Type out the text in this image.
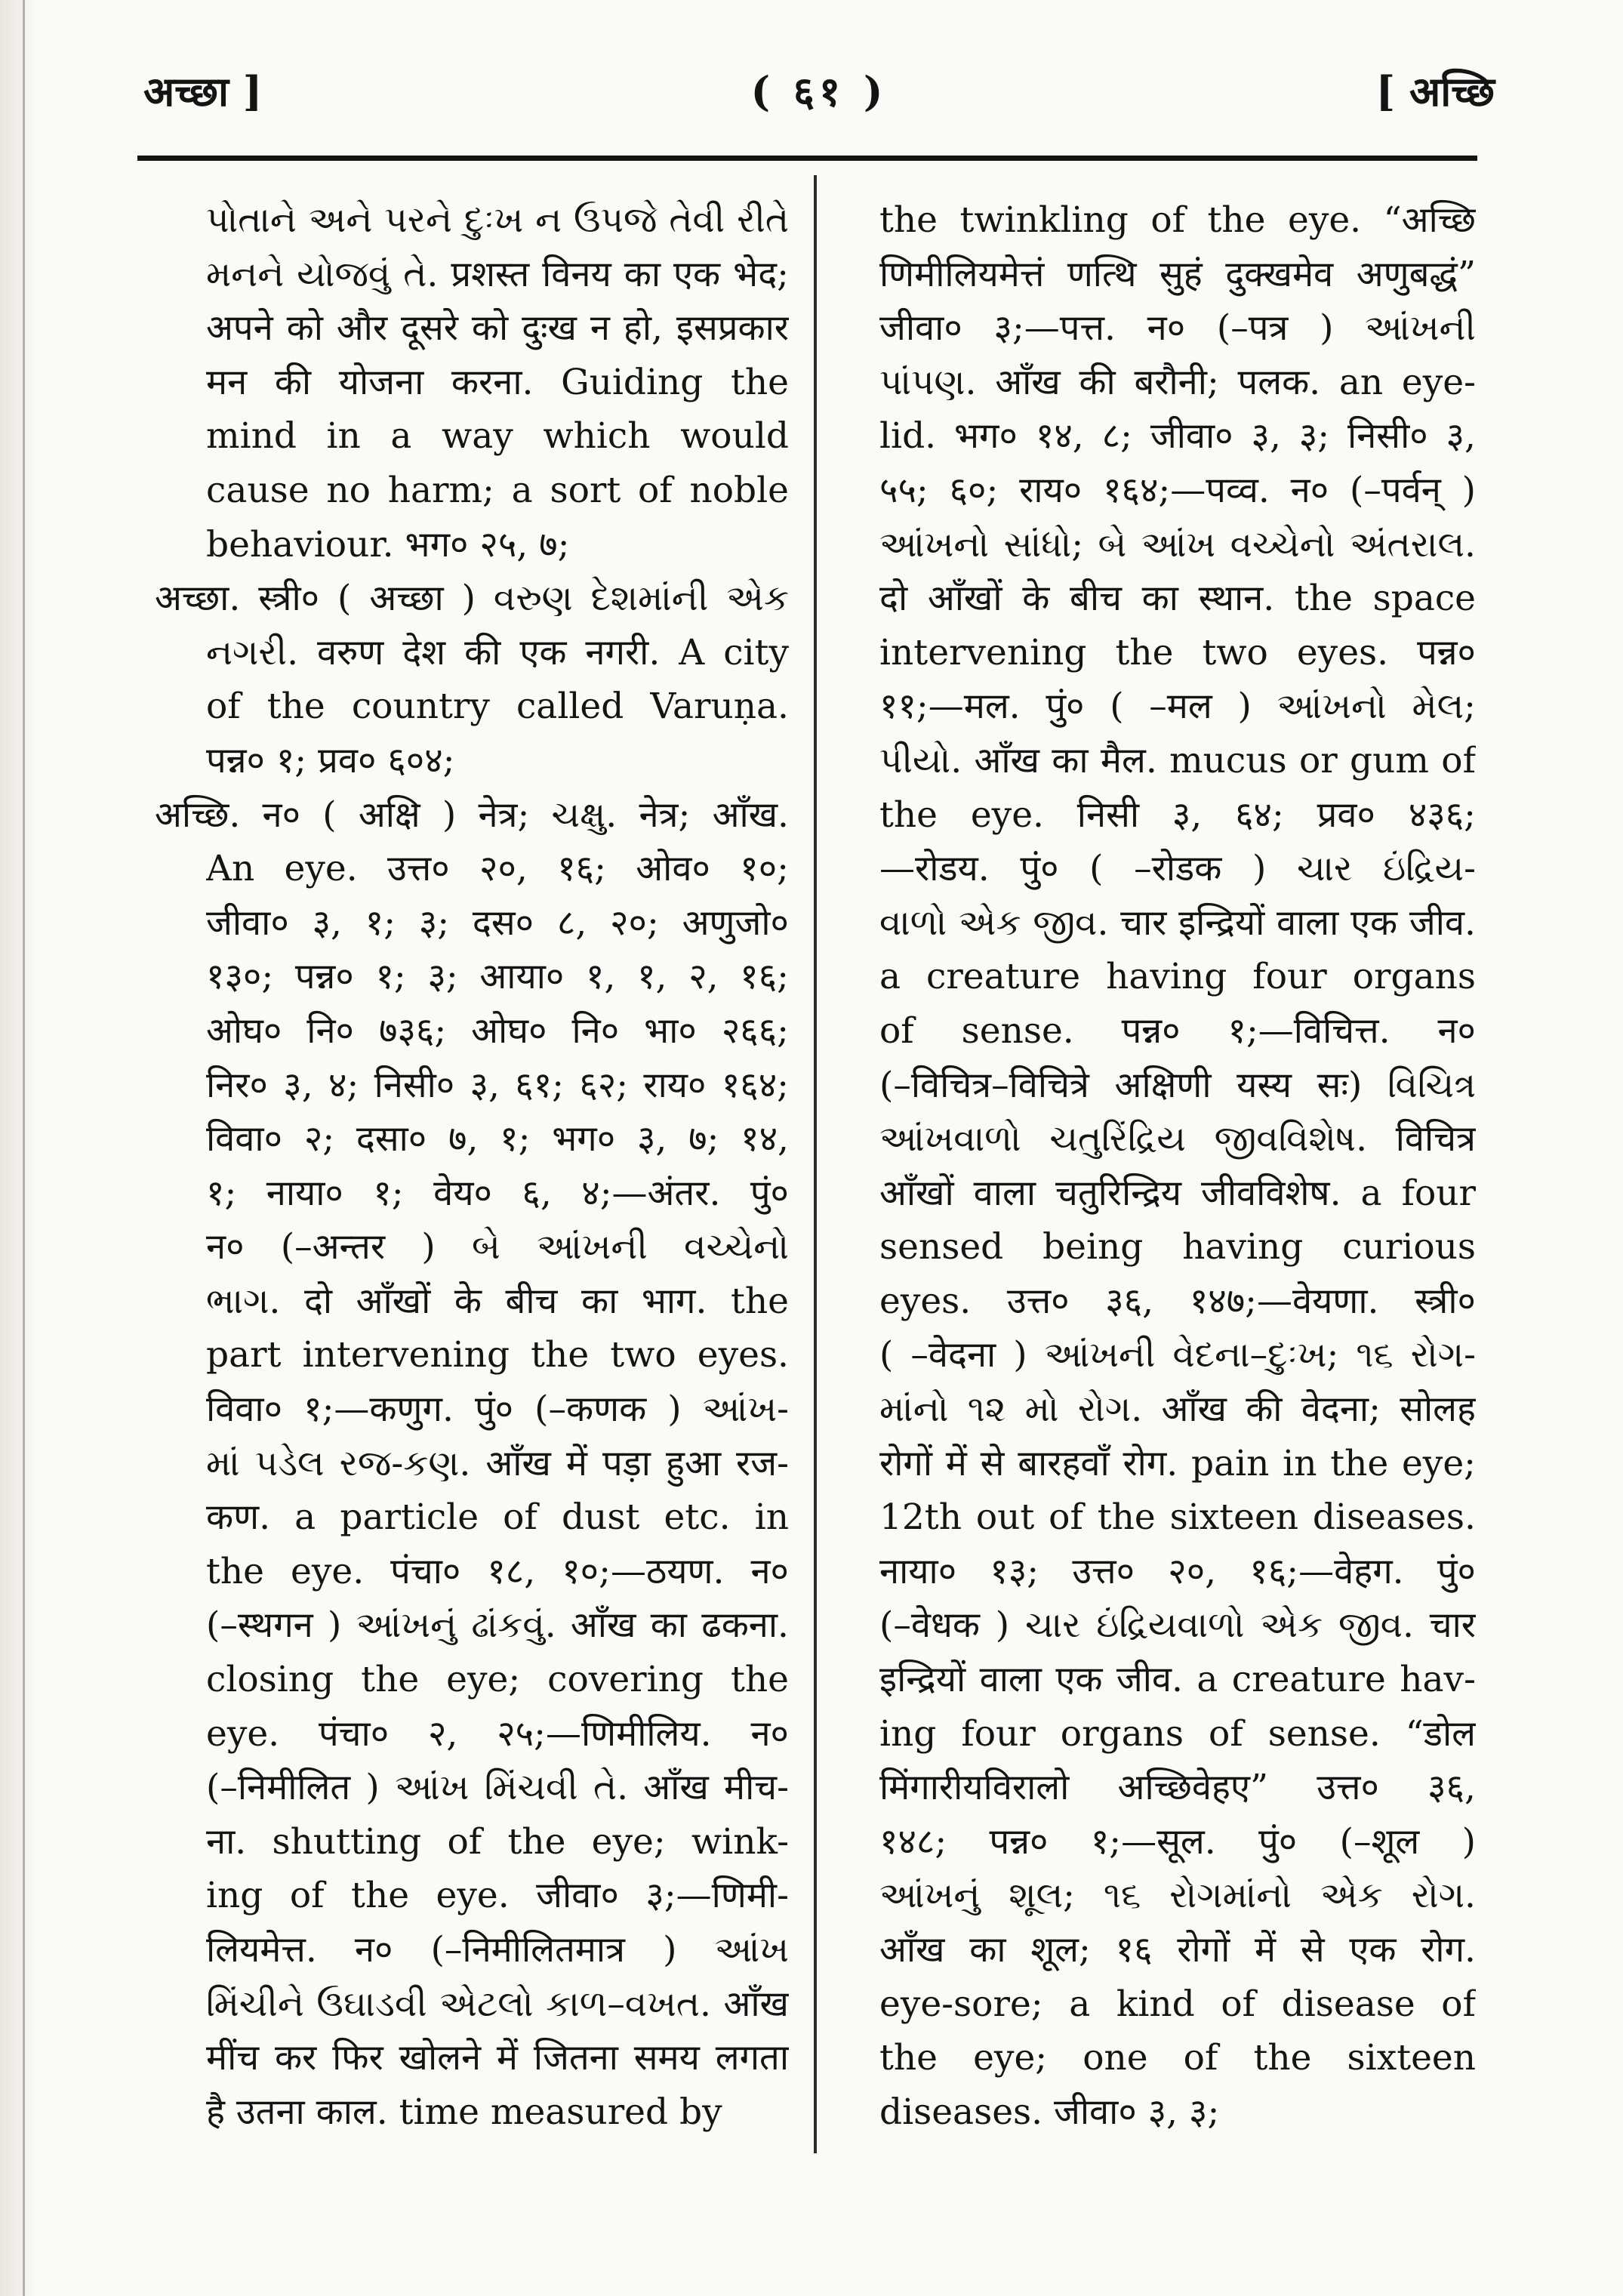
अच्छा ]	( ६१ )	[ अच्छि
પોતાને અને પરને દુઃખ ન ઉપજે તેવી રીતે
મનને યોજવું તે. प्रशस्त विनय का एक भेद;
अपने को और दूसरे को दुःख न हो, इसप्रकार
मन की योजना करना. Guiding the
mind in a way which would
cause no harm; a sort of noble
behaviour. भग० २५, ७;
अच्छा. स्त्री० ( अच्छा ) વરુણ દેશમાંની એક
નગરી. वरुण देश की एक नगरी. A city
of the country called Varuṇa.
पन्न० १; प्रव० ६०४;
अच्छि. न० ( अक्षि ) नेत्र; ચક્ષુ. नेत्र; आँख.
An eye. उत्त० २०, १६; ओव० १०;
जीवा० ३, १; ३; दस० ८, २०; अणुजो०
१३०; पन्न० १; ३; आया० १, १, २, १६;
ओघ० नि० ७३६; ओघ० नि० भा० २६६;
निर० ३, ४; निसी० ३, ६१; ६२; राय० १६४;
विवा० २; दसा० ७, १; भग० ३, ७; १४,
१; नाया० १; वेय० ६, ४;—अंतर. पुं०
न० (–अन्तर ) બે આંખની વચ્ચેનો
ભાગ. दो आँखों के बीच का भाग. the
part intervening the two eyes.
विवा० १;—कणुग. पुं० (–कणक ) આંખ-
માં પડેલ રજ-કણ. आँख में पड़ा हुआ रज-
कण. a particle of dust etc. in
the eye. पंचा० १८, १०;—ठयण. न०
(–स्थगन ) આંખનું ઢાંકવું. आँख का ढकना.
closing the eye; covering the
eye. पंचा० २, २५;—णिमीलिय. न०
(–निमीलित ) આંખ મિંચવી તે. आँख मीच-
ना. shutting of the eye; wink-
ing of the eye. जीवा० ३;—णिमी-
लियमेत्त. न० (–निमीलितमात्र ) આંખ
મિંચીને ઉઘાડવી એટલો કાળ–વખત. आँख
मींच कर फिर खोलने में जितना समय लगता
है उतना काल. time measured by
the twinkling of the eye. “अच्छि
णिमीलियमेत्तं णत्थि सुहं दुक्खमेव अणुबद्धं”
जीवा० ३;—पत्त. न० (–पत्र ) આંખની
પાંપણ. आँख की बरौनी; पलक. an eye-
lid. भग० १४, ८; जीवा० ३, ३; निसी० ३,
५५; ६०; राय० १६४;—पव्व. न० (–पर्वन् )
આંખનો સાંધો; બે આંખ વચ્ચેનો અંતરાલ.
दो आँखों के बीच का स्थान. the space
intervening the two eyes. पन्न०
११;—मल. पुं० ( –मल ) આંખનો મેલ;
પીયો. आँख का मैल. mucus or gum of
the eye. निसी ३, ६४; प्रव० ४३६;
—रोडय. पुं० ( –रोडक ) ચાર ઇંદ્રિય-
વાળો એક જીવ. चार इन्द्रियों वाला एक जीव.
a creature having four organs
of sense. पन्न० १;—विचित्त. न०
(–विचित्र–विचित्रे अक्षिणी यस्य सः) વિચિત્ર
આંખવાળો ચતુરિંદ્રિય જીવવિશેષ. विचित्र
आँखों वाला चतुरिन्द्रिय जीवविशेष. a four
sensed being having curious
eyes. उत्त० ३६, १४७;—वेयणा. स्त्री०
( –वेदना ) આંખની વેદના–દુઃખ; ૧૬ રોગ-
માંનો ૧૨ મો રોગ. आँख की वेदना; सोलह
रोगों में से बारहवाँ रोग. pain in the eye;
12th out of the sixteen diseases.
नाया० १३; उत्त० २०, १६;—वेहग. पुं०
(–वेधक ) ચાર ઇંદ્રિયવાળો એક જીવ. चार
इन्द्रियों वाला एक जीव. a creature hav-
ing four organs of sense. “डोल
मिंगारीयविरालो अच्छिवेहए” उत्त० ३६,
१४८; पन्न० १;—सूल. पुं० (–शूल )
આંખનું શૂલ; ૧૬ રોગમાંનો એક રોગ.
आँख का शूल; १६ रोगों में से एक रोग.
eye-sore; a kind of disease of
the eye; one of the sixteen
diseases. जीवा० ३, ३;
